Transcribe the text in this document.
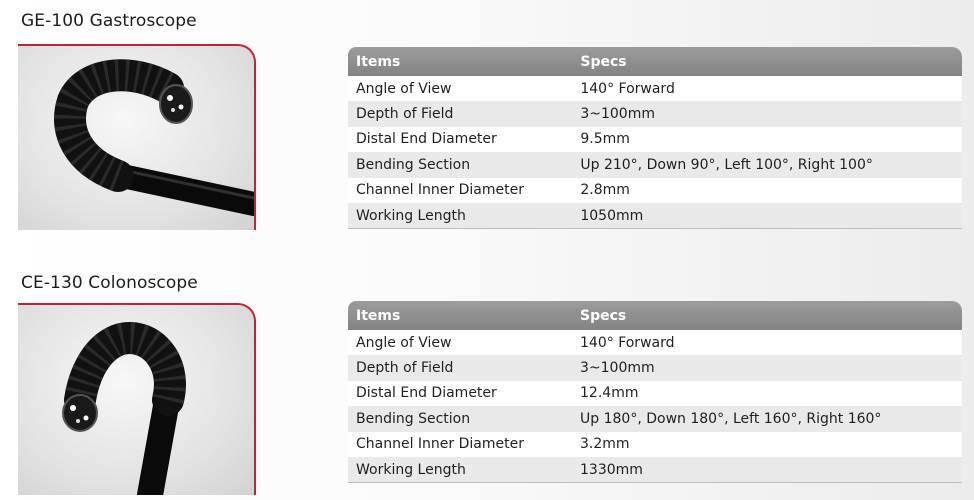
GE-100 Gastroscope
Items	Specs
Angle of View	140° Forward
Depth of Field	3~100mm
Distal End Diameter	9.5mm
Bending Section	Up 210°, Down 90°, Left 100°, Right 100°
Channel Inner Diameter	2.8mm
Working Length	1050mm
CE-130 Colonoscope
Items	Specs
Angle of View	140° Forward
Depth of Field	3~100mm
Distal End Diameter	12.4mm
Bending Section	Up 180°, Down 180°, Left 160°, Right 160°
Channel Inner Diameter	3.2mm
Working Length	1330mm
